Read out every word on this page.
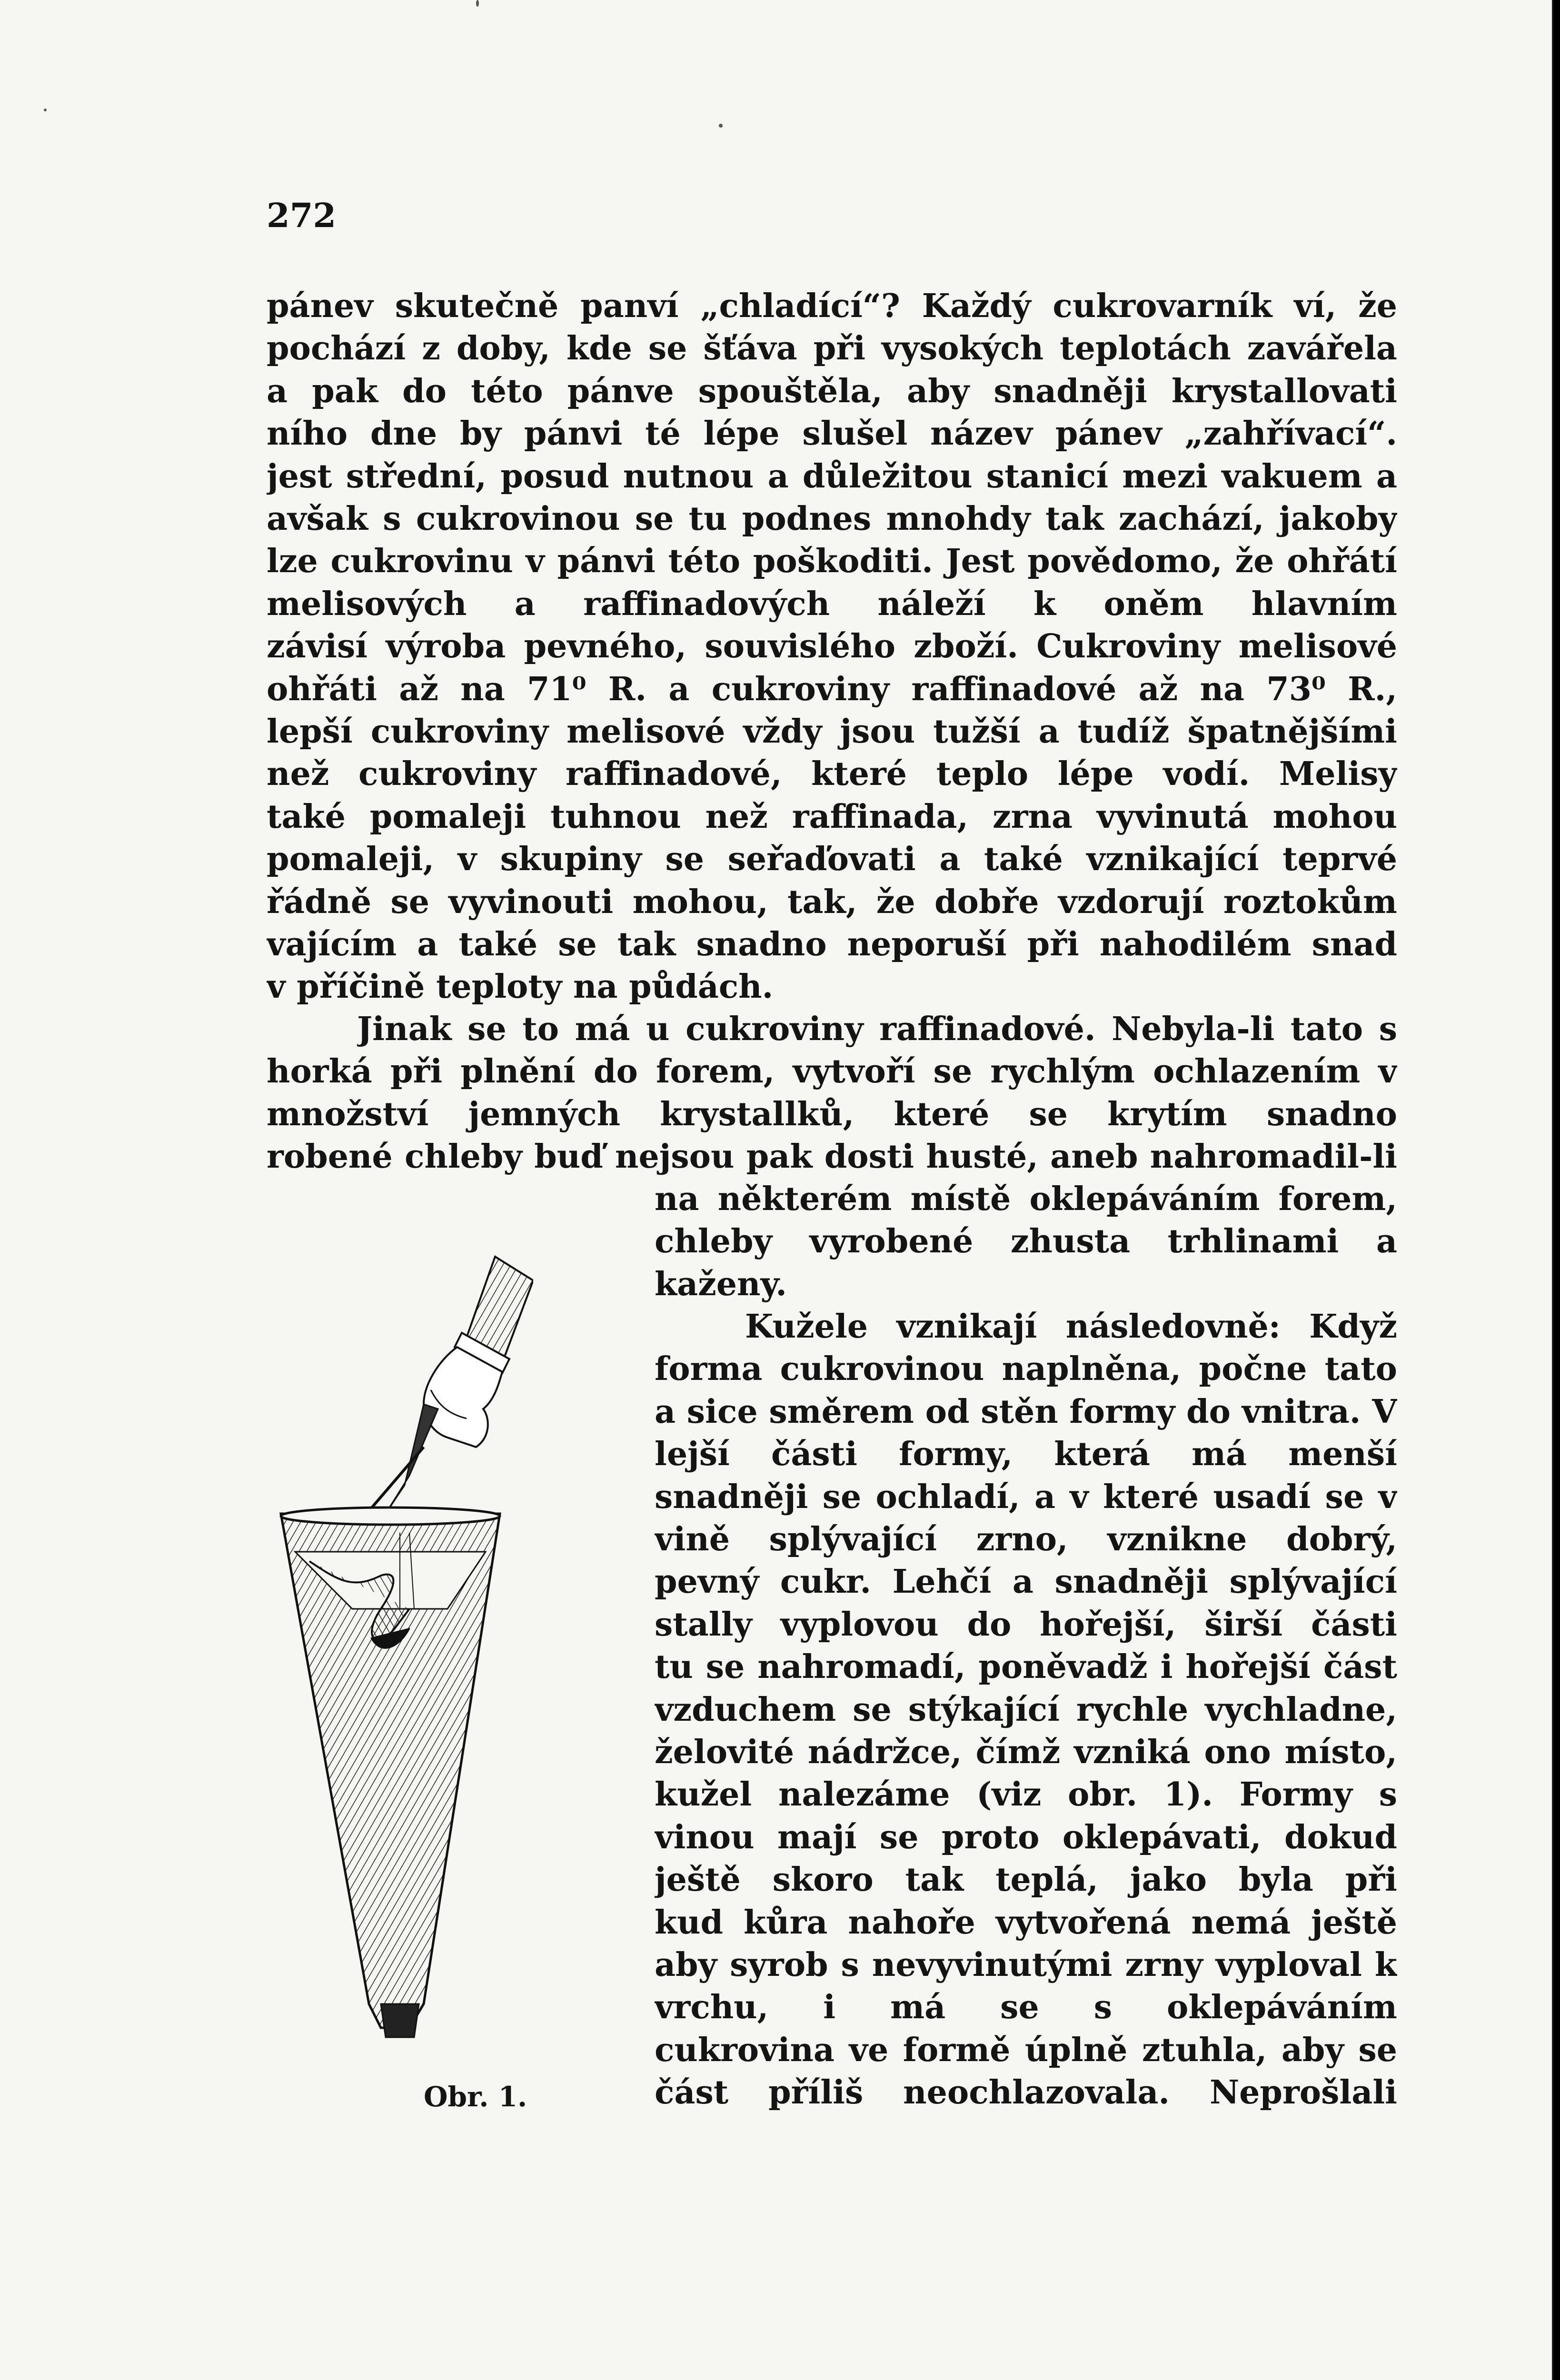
272
pánev skutečně panví „chladící“? Každý cukrovarník ví, že
pochází z doby, kde se šťáva při vysokých teplotách zavářela
a pak do této pánve spouštěla, aby snadněji krystallovati
ního dne by pánvi té lépe slušel název pánev „zahřívací“.
jest střední, posud nutnou a důležitou stanicí mezi vakuem a
avšak s cukrovinou se tu podnes mnohdy tak zachází, jakoby
lze cukrovinu v pánvi této poškoditi. Jest povědomo, že ohřátí
melisových a raffinadových náleží k oněm hlavním
závisí výroba pevného, souvislého zboží. Cukroviny melisové
ohřáti až na 71⁰ R. a cukroviny raffinadové až na 73⁰ R.,
lepší cukroviny melisové vždy jsou tužší a tudíž špatnějšími
než cukroviny raffinadové, které teplo lépe vodí. Melisy
také pomaleji tuhnou než raffinada, zrna vyvinutá mohou
pomaleji, v skupiny se seřaďovati a také vznikající teprvé
řádně se vyvinouti mohou, tak, že dobře vzdorují roztokům
vajícím a také se tak snadno neporuší při nahodilém snad
v příčině teploty na půdách.
Jinak se to má u cukroviny raffinadové. Nebyla-li tato s
horká při plnění do forem, vytvoří se rychlým ochlazením v
množství jemných krystallků, které se krytím snadno
robené chleby buď nejsou pak dosti husté, aneb nahromadil-li
na některém místě oklepáváním forem,
chleby vyrobené zhusta trhlinami a
kaženy.
Kužele vznikají následovně: Když
forma cukrovinou naplněna, počne tato
a sice směrem od stěn formy do vnitra. V
lejší části formy, která má menší
snadněji se ochladí, a v které usadí se v
vině splývající zrno, vznikne dobrý,
pevný cukr. Lehčí a snadněji splývající
stally vyplovou do hořejší, širší části
tu se nahromadí, poněvadž i hořejší část
vzduchem se stýkající rychle vychladne,
želovité nádržce, čímž vzniká ono místo,
kužel nalezáme (viz obr. 1). Formy s
vinou mají se proto oklepávati, dokud
ještě skoro tak teplá, jako byla při
kud kůra nahoře vytvořená nemá ještě
aby syrob s nevyvinutými zrny vyploval k
vrchu, i má se s oklepáváním
cukrovina ve formě úplně ztuhla, aby se
část příliš neochlazovala. Neprošlali
Obr. 1.
